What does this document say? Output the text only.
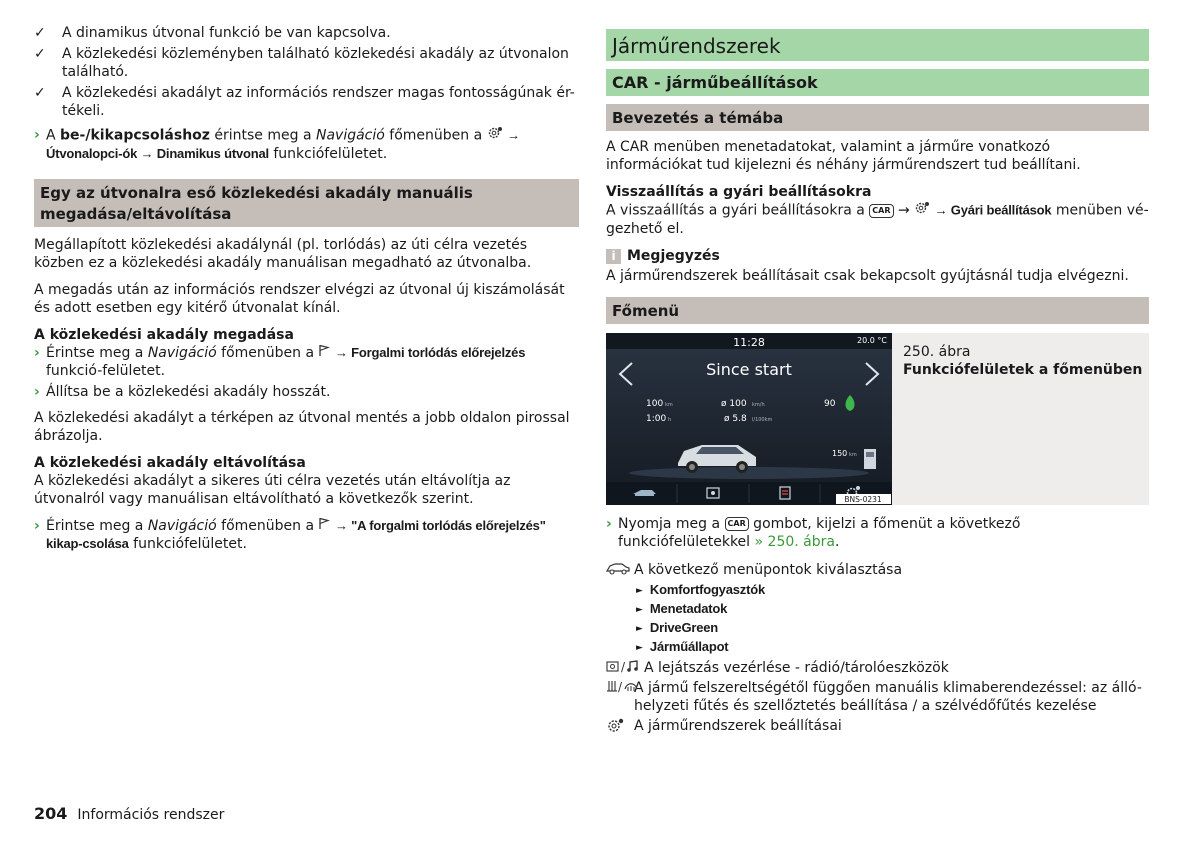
✓ A dinamikus útvonal funkció be van kapcsolva.
✓ A közlekedési közleményben található közlekedési akadály az útvonalon található.
✓ A közlekedési akadályt az információs rendszer magas fontosságúnak ér-tékeli.
› A be-/kikapcsoláshoz érintse meg a Navigáció főmenüben a  → Útvonalopci-ók → Dinamikus útvonal funkciófelületet.
Egy az útvonalra eső közlekedési akadály manuális megadása/eltávolítása

Megállapított közlekedési akadálynál (pl. torlódás) az úti célra vezetés közben ez a közlekedési akadály manuálisan megadható az útvonalba.

A megadás után az információs rendszer elvégzi az útvonal új kiszámolását és adott esetben egy kitérő útvonalat kínál.

A közlekedési akadály megadása

› Érintse meg a Navigáció főmenüben a  → Forgalmi torlódás előrejelzés funkció-felületet.
› Állítsa be a közlekedési akadály hosszát.

A közlekedési akadályt a térképen az útvonal mentés a jobb oldalon pirossal ábrázolja.

A közlekedési akadály eltávolítása

A közlekedési akadályt a sikeres úti célra vezetés után eltávolítja az útvonalról vagy manuálisan eltávolítható a következők szerint.

› Érintse meg a Navigáció főmenüben a  → "A forgalmi torlódás előrejelzés" kikap-csolása funkciófelületet.
Járműrendszerek
CAR - járműbeállítások
Bevezetés a témába

A CAR menüben menetadatokat, valamint a járműre vonatkozó információkat tud kijelezni és néhány járműrendszert tud beállítani.

Visszaállítás a gyári beállításokra

A visszaállítás a gyári beállításokra a CAR →  → Gyári beállítások menüben vé-gezhető el.

i Megjegyzés

A járműrendszerek beállításait csak bekapcsolt gyújtásnál tudja elvégezni.

Főmenü
11:28	20.0 °C
Since start
100 km
1:00 h
ø 100 km/h
ø 5.8 l/100km
90
150 km
BNS-0231

250. ábra

Funkciófelületek a főmenüben

› Nyomja meg a CAR gombot, kijelzi a főmenüt a következő funkciófelületekkel » 250. ábra.
A következő menüpontok kiválasztása
► Komfortfogyasztók
► Menetadatok
► DriveGreen
► Járműállapot
/ A lejátszás vezérlése - rádió/tárolóeszközök
/ A jármű felszereltségétől függően manuális klimaberendezéssel: az álló-helyzeti fűtés és szellőztetés beállítása / a szélvédőfűtés kezelése
A járműrendszerek beállításai
204 Információs rendszer
